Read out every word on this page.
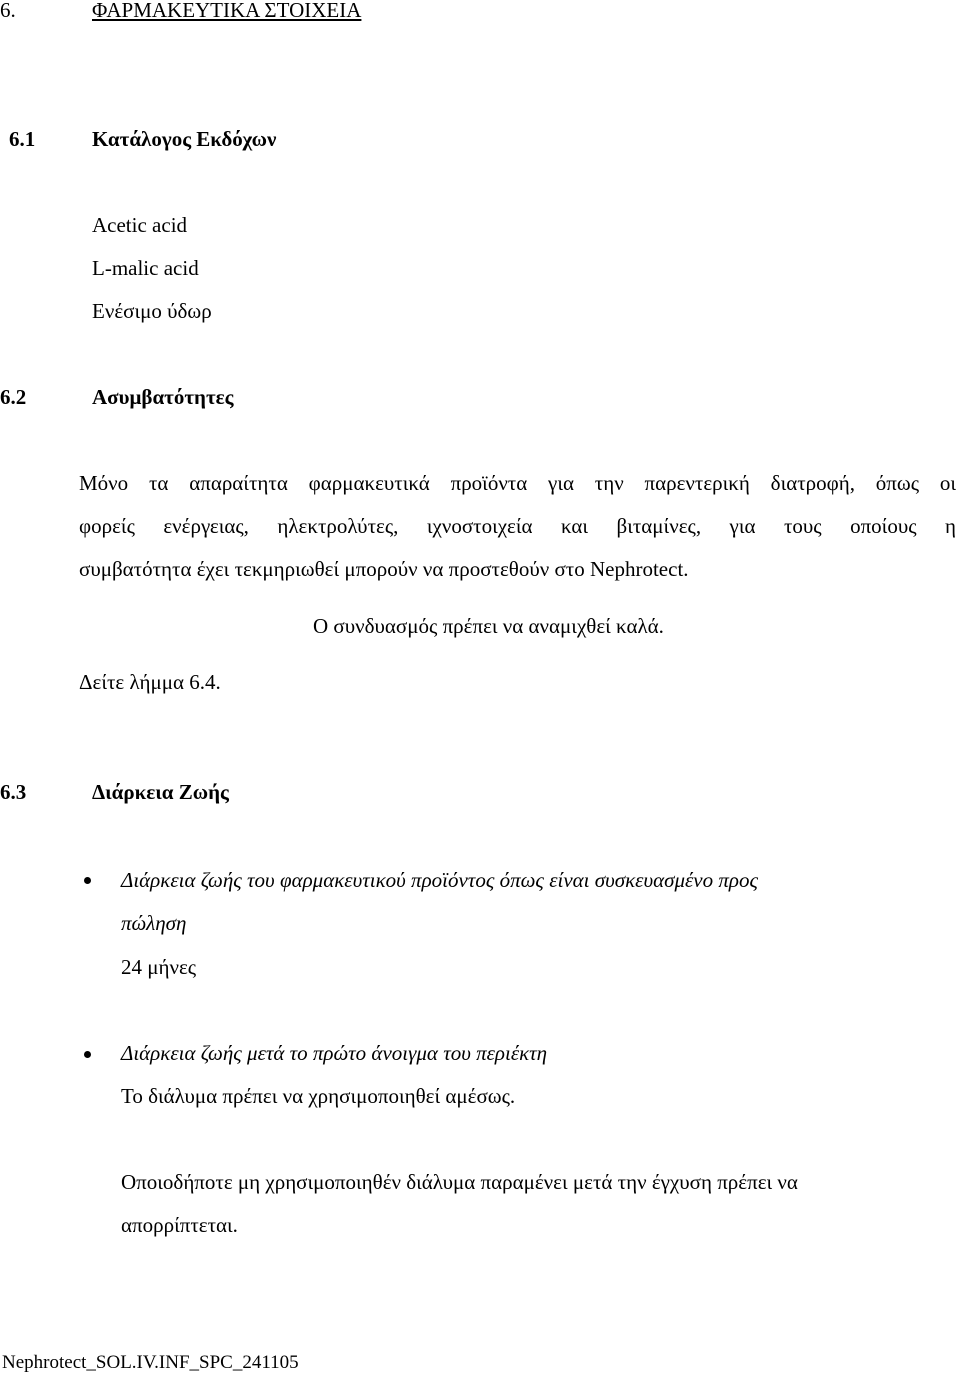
6.	ΦΑΡΜΑΚΕΥΤΙΚΑ ΣΤΟΙΧΕΙΑ
6.1	Κατάλογος Εκδόχων
Acetic acid
L-malic acid
Ενέσιμο ύδωρ
6.2	Ασυμβατότητες
Μόνο τα απαραίτητα φαρμακευτικά προϊόντα για την παρεντερική διατροφή, όπως οι
φορείς ενέργειας, ηλεκτρολύτες, ιχνοστοιχεία και βιταμίνες, για τους οποίους η
συμβατότητα έχει τεκμηριωθεί μπορούν να προστεθούν στο Nephrotect.
Ο συνδυασμός πρέπει να αναμιχθεί καλά.
Δείτε λήμμα 6.4.
6.3	Διάρκεια Ζωής
Διάρκεια ζωής του φαρμακευτικού προϊόντος όπως είναι συσκευασμένο προς
πώληση
24 μήνες
Διάρκεια ζωής μετά το πρώτο άνοιγμα του περιέκτη
Το διάλυμα πρέπει να χρησιμοποιηθεί αμέσως.
Οποιοδήποτε μη χρησιμοποιηθέν διάλυμα παραμένει μετά την έγχυση πρέπει να
απορρίπτεται.
Nephrotect_SOL.IV.INF_SPC_241105
